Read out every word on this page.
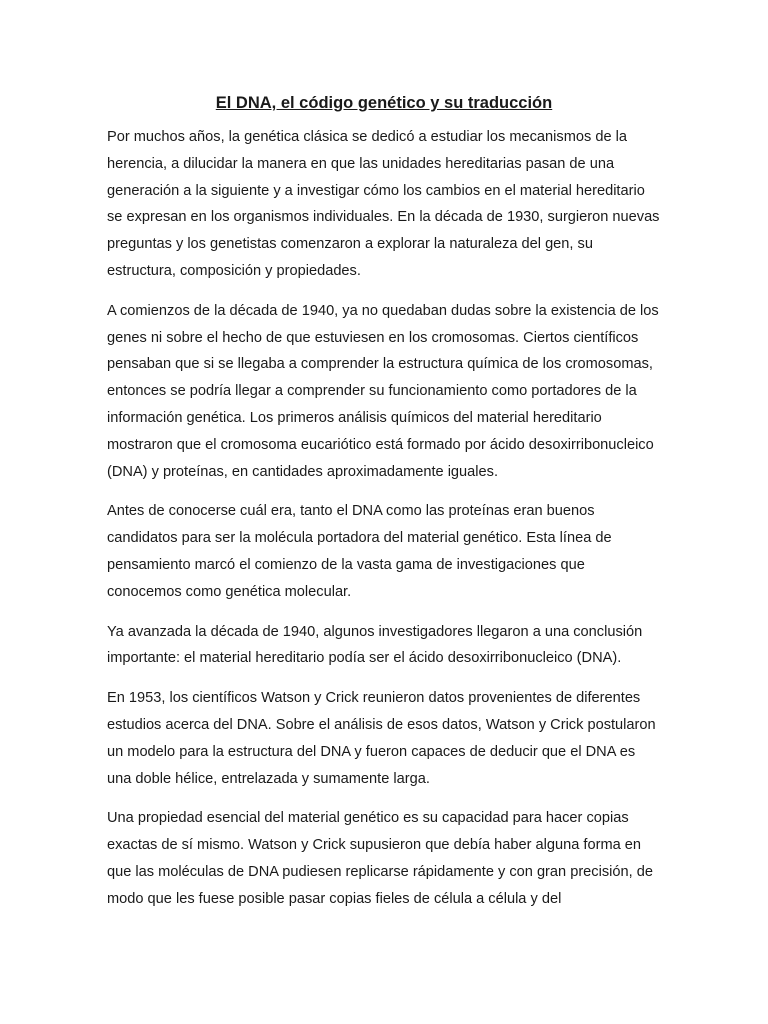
El DNA, el código genético y su traducción

Por muchos años, la genética clásica se dedicó a estudiar los mecanismos de la herencia, a dilucidar la manera en que las unidades hereditarias pasan de una generación a la siguiente y a investigar cómo los cambios en el material hereditario se expresan en los organismos individuales. En la década de 1930, surgieron nuevas preguntas y los genetistas comenzaron a explorar la naturaleza del gen, su estructura, composición y propiedades.

A comienzos de la década de 1940, ya no quedaban dudas sobre la existencia de los genes ni sobre el hecho de que estuviesen en los cromosomas. Ciertos científicos pensaban que si se llegaba a comprender la estructura química de los cromosomas, entonces se podría llegar a comprender su funcionamiento como portadores de la información genética. Los primeros análisis químicos del material hereditario mostraron que el cromosoma eucariótico está formado por ácido desoxirribonucleico (DNA) y proteínas, en cantidades aproximadamente iguales.

Antes de conocerse cuál era, tanto el DNA como las proteínas eran buenos candidatos para ser la molécula portadora del material genético. Esta línea de pensamiento marcó el comienzo de la vasta gama de investigaciones que conocemos como genética molecular.

Ya avanzada la década de 1940, algunos investigadores llegaron a una conclusión importante: el material hereditario podía ser el ácido desoxirribonucleico (DNA).

En 1953, los científicos Watson y Crick reunieron datos provenientes de diferentes estudios acerca del DNA. Sobre el análisis de esos datos, Watson y Crick postularon un modelo para la estructura del DNA y fueron capaces de deducir que el DNA es una doble hélice, entrelazada y sumamente larga.

Una propiedad esencial del material genético es su capacidad para hacer copias exactas de sí mismo. Watson y Crick supusieron que debía haber alguna forma en que las moléculas de DNA pudiesen replicarse rápidamente y con gran precisión, de modo que les fuese posible pasar copias fieles de célula a célula y del
